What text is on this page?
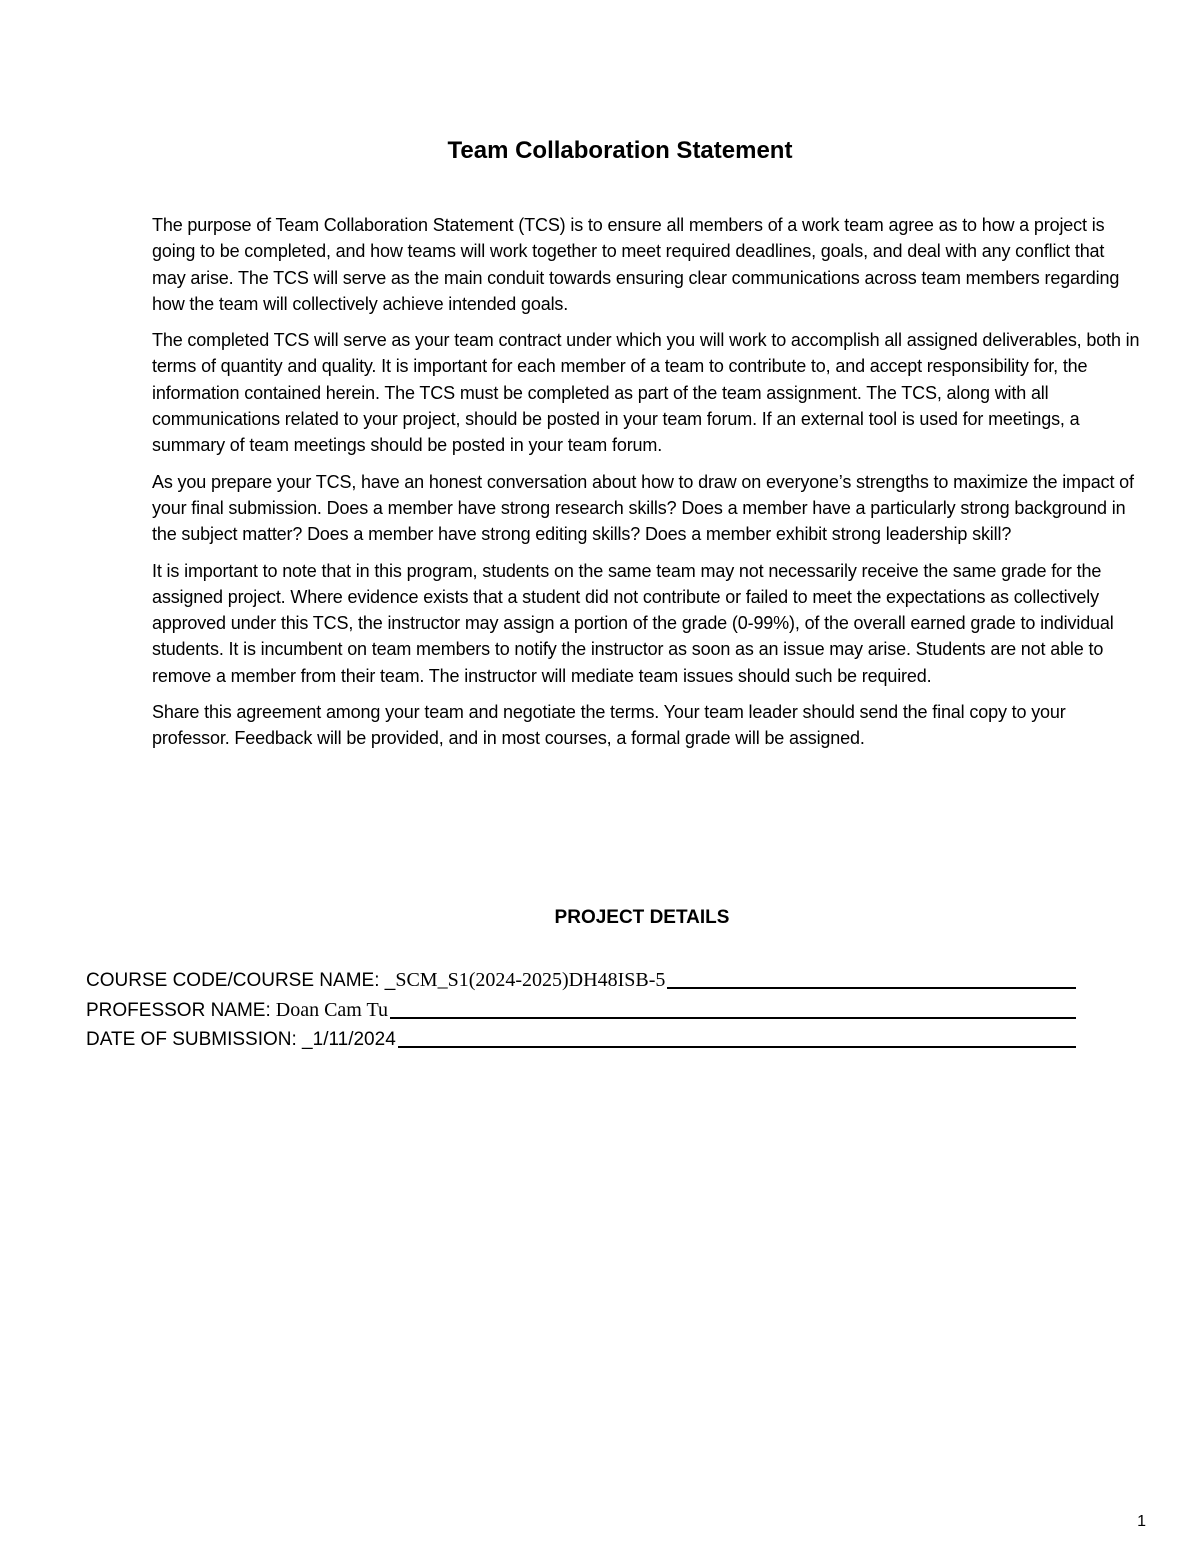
Team Collaboration Statement

The purpose of Team Collaboration Statement (TCS) is to ensure all members of a work team agree as to how a project is going to be completed, and how teams will work together to meet required deadlines, goals, and deal with any conflict that may arise. The TCS will serve as the main conduit towards ensuring clear communications across team members regarding how the team will collectively achieve intended goals.

The completed TCS will serve as your team contract under which you will work to accomplish all assigned deliverables, both in terms of quantity and quality. It is important for each member of a team to contribute to, and accept responsibility for, the information contained herein. The TCS must be completed as part of the team assignment. The TCS, along with all communications related to your project, should be posted in your team forum. If an external tool is used for meetings, a summary of team meetings should be posted in your team forum.

As you prepare your TCS, have an honest conversation about how to draw on everyone’s strengths to maximize the impact of your final submission. Does a member have strong research skills? Does a member have a particularly strong background in the subject matter? Does a member have strong editing skills? Does a member exhibit strong leadership skill?

It is important to note that in this program, students on the same team may not necessarily receive the same grade for the assigned project. Where evidence exists that a student did not contribute or failed to meet the expectations as collectively approved under this TCS, the instructor may assign a portion of the grade (0-99%), of the overall earned grade to individual students. It is incumbent on team members to notify the instructor as soon as an issue may arise. Students are not able to remove a member from their team. The instructor will mediate team issues should such be required.

Share this agreement among your team and negotiate the terms. Your team leader should send the final copy to your professor. Feedback will be provided, and in most courses, a formal grade will be assigned.

PROJECT DETAILS
COURSE CODE/COURSE NAME: _ SCM_S1(2024-2025)DH48ISB-5
PROFESSOR NAME: Doan Cam Tu
DATE OF SUBMISSION: _ 1/11/2024
1
